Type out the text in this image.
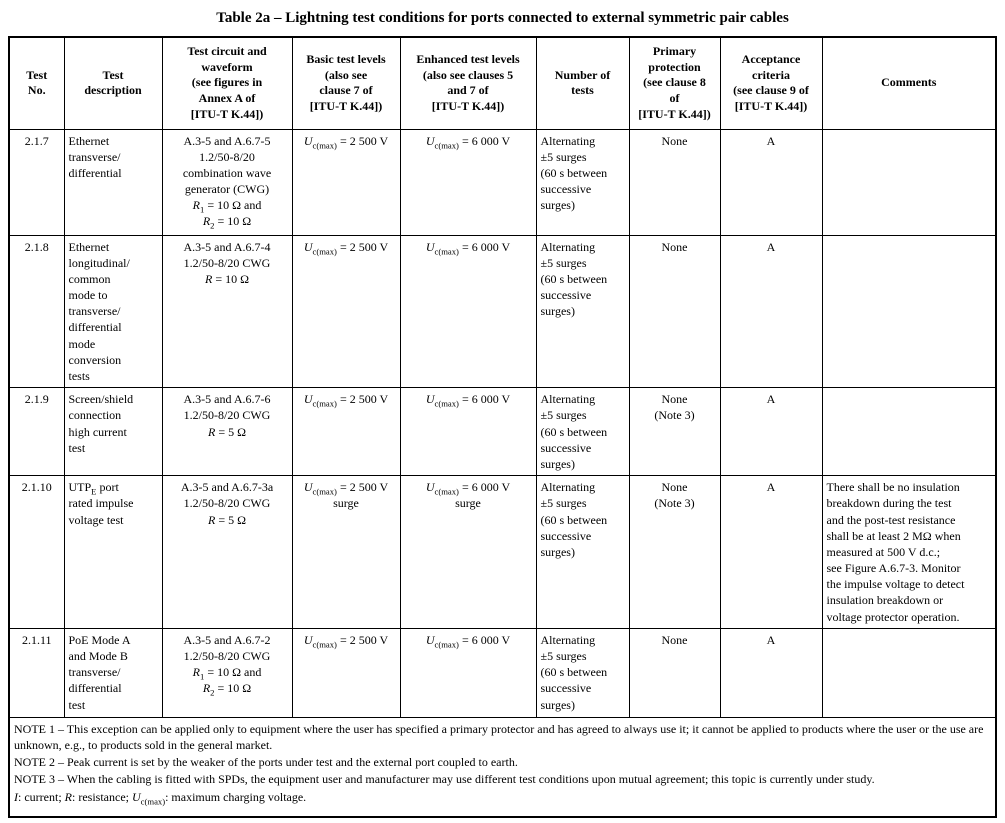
Table 2a – Lightning test conditions for ports connected to external symmetric pair cables
Test
No.	Test
description	Test circuit and
waveform
(see figures in
Annex A of
[ITU-T K.44])	Basic test levels
(also see
clause 7 of
[ITU-T K.44])	Enhanced test levels
(also see clauses 5
and 7 of
[ITU-T K.44])	Number of
tests	Primary
protection
(see clause 8
of
[ITU-T K.44])	Acceptance
criteria
(see clause 9 of
[ITU-T K.44])	Comments
2.1.7	Ethernet
transverse/
differential	A.3-5 and A.6.7-5
1.2/50-8/20
combination wave
generator (CWG)
$R_1 = 10$ Ω and
$R_2 = 10$ Ω	$U_{c(max)} = 2$ 500 V	$U_{c(max)} = 6$ 000 V	Alternating
±5 surges
(60 s between
successive
surges)	None	A	
2.1.8	Ethernet
longitudinal/
common
mode to
transverse/
differential
mode
conversion
tests	A.3-5 and A.6.7-4
1.2/50-8/20 CWG
R = 10 Ω	$U_{c(max)} = 2$ 500 V	$U_{c(max)} = 6$ 000 V	Alternating
±5 surges
(60 s between
successive
surges)	None	A	
2.1.9	Screen/shield
connection
high current
test	A.3-5 and A.6.7-6
1.2/50-8/20 CWG
R = 5 Ω	$U_{c(max)} = 2$ 500 V	$U_{c(max)} = 6$ 000 V	Alternating
±5 surges
(60 s between
successive
surges)	None
(Note 3)	A	
2.1.10	$UTP_E$ port
rated impulse
voltage test	A.3-5 and A.6.7-3a
1.2/50-8/20 CWG
R = 5 Ω	$U_{c(max)} = 2$ 500 V
surge	$U_{c(max)} = 6$ 000 V
surge	Alternating
±5 surges
(60 s between
successive
surges)	None
(Note 3)	A	There shall be no insulation
breakdown during the test
and the post-test resistance
shall be at least 2 MΩ when
measured at 500 V d.c.;
see Figure A.6.7-3. Monitor
the impulse voltage to detect
insulation breakdown or
voltage protector operation.
2.1.11	PoE Mode A
and Mode B
transverse/
differential
test	A.3-5 and A.6.7-2
1.2/50-8/20 CWG
$R_1 = 10$ Ω and
$R_2 = 10$ Ω	$U_{c(max)} = 2$ 500 V	$U_{c(max)} = 6$ 000 V	Alternating
±5 surges
(60 s between
successive
surges)	None	A	

NOTE 1 – This exception can be applied only to equipment where the user has specified a primary protector and has agreed to always use it; it cannot be applied to products where the user or the use are unknown, e.g., to products sold in the general market.

NOTE 2 – Peak current is set by the weaker of the ports under test and the external port coupled to earth.

NOTE 3 – When the cabling is fitted with SPDs, the equipment user and manufacturer may use different test conditions upon mutual agreement; this topic is currently under study.

I: current; R: resistance; $U_{c(max)}$: maximum charging voltage.								
